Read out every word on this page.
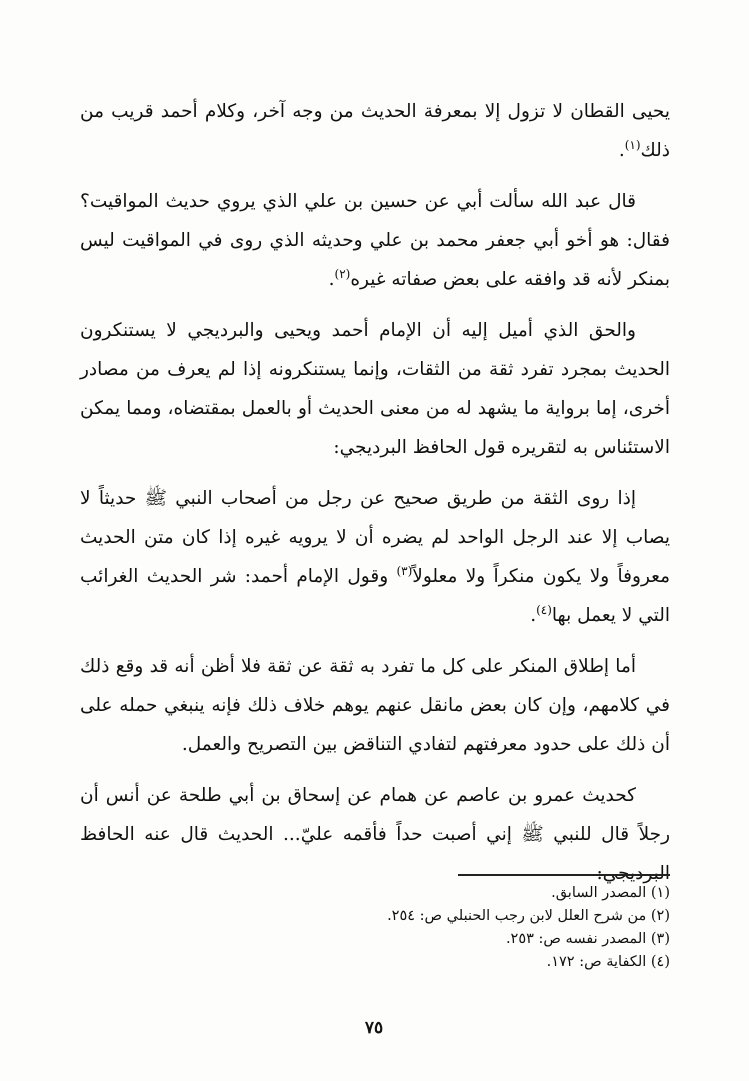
يحيى القطان لا تزول إلا بمعرفة الحديث من وجه آخر، وكلام أحمد قريب من ذلك$^{(١)}$.

قال عبد الله سألت أبي عن حسين بن علي الذي يروي حديث المواقيت؟ فقال: هو أخو أبي جعفر محمد بن علي وحديثه الذي روى في المواقيت ليس بمنكر لأنه قد وافقه على بعض صفاته غيره$^{(٢)}$.

والحق الذي أميل إليه أن الإمام أحمد ويحيى والبرديجي لا يستنكرون الحديث بمجرد تفرد ثقة من الثقات، وإنما يستنكرونه إذا لم يعرف من مصادر أخرى، إما برواية ما يشهد له من معنى الحديث أو بالعمل بمقتضاه، ومما يمكن الاستئناس به لتقريره قول الحافظ البرديجي:

إذا روى الثقة من طريق صحيح عن رجل من أصحاب النبي ﷺ حديثاً لا يصاب إلا عند الرجل الواحد لم يضره أن لا يرويه غيره إذا كان متن الحديث معروفاً ولا يكون منكراً ولا معلولاً$^{(٣)}$ وقول الإمام أحمد: شر الحديث الغرائب التي لا يعمل بها$^{(٤)}$.

أما إطلاق المنكر على كل ما تفرد به ثقة عن ثقة فلا أظن أنه قد وقع ذلك في كلامهم، وإن كان بعض مانقل عنهم يوهم خلاف ذلك فإنه ينبغي حمله على أن ذلك على حدود معرفتهم لتفادي التناقض بين التصريح والعمل.

كحديث عمرو بن عاصم عن همام عن إسحاق بن أبي طلحة عن أنس أن رجلاً قال للنبي ﷺ إني أصبت حداً فأقمه عليّ... الحديث قال عنه الحافظ البرديجي:

(١) المصدر السابق.

(٢) من شرح العلل لابن رجب الحنبلي ص: ٢٥٤.

(٣) المصدر نفسه ص: ٢٥٣.

(٤) الكفاية ص: ١٧٢.

٧٥
